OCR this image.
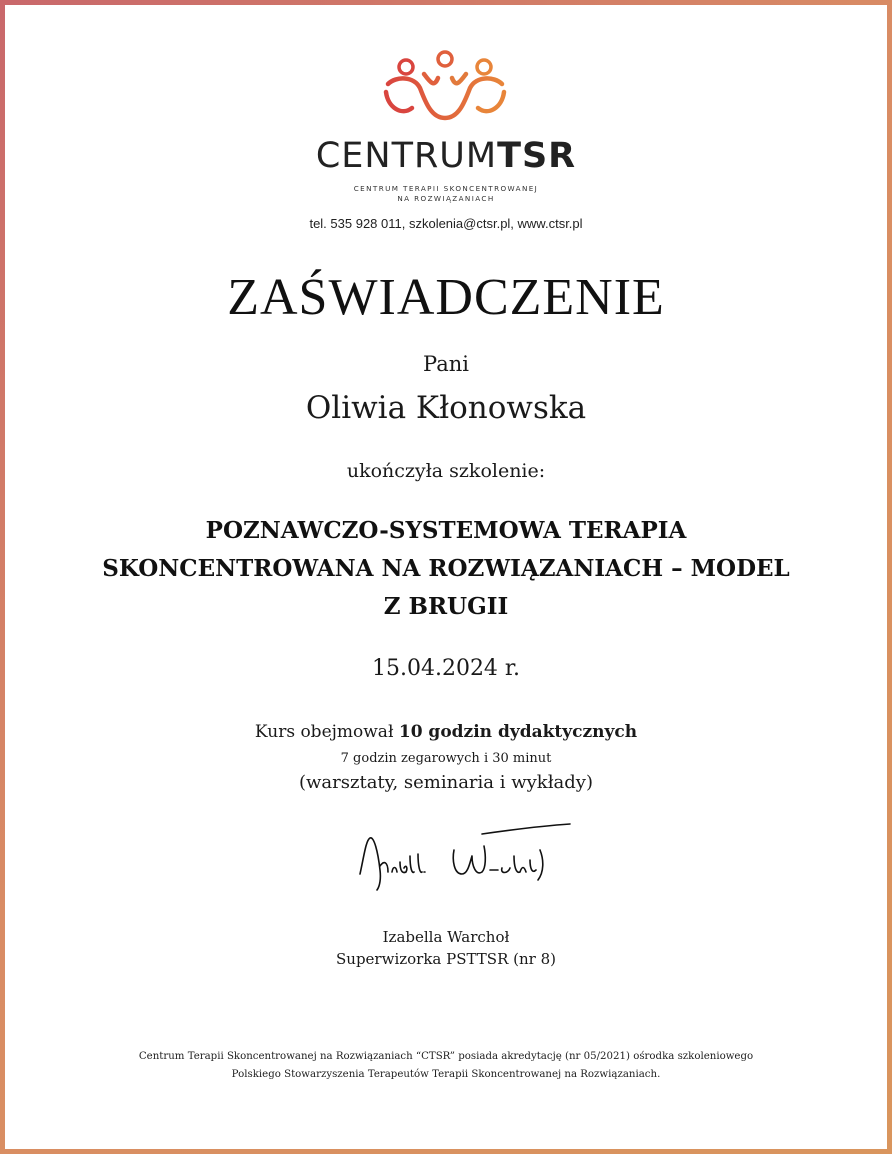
CENTRUMTSR
CENTRUM TERAPII SKONCENTROWANEJ
NA ROZWIĄZANIACH
tel. 535 928 011, szkolenia@ctsr.pl, www.ctsr.pl
ZAŚWIADCZENIE
Pani
Oliwia Kłonowska
ukończyła szkolenie:
POZNAWCZO-SYSTEMOWA TERAPIA
SKONCENTROWANA NA ROZWIĄZANIACH – MODEL
Z BRUGII
15.04.2024 r.
Kurs obejmował 10 godzin dydaktycznych
7 godzin zegarowych i 30 minut
(warsztaty, seminaria i wykłady)
Izabella Warchoł
Superwizorka PSTTSR (nr 8)
Centrum Terapii Skoncentrowanej na Rozwiązaniach “CTSR” posiada akredytację (nr 05/2021) ośrodka szkoleniowego
Polskiego Stowarzyszenia Terapeutów Terapii Skoncentrowanej na Rozwiązaniach.
